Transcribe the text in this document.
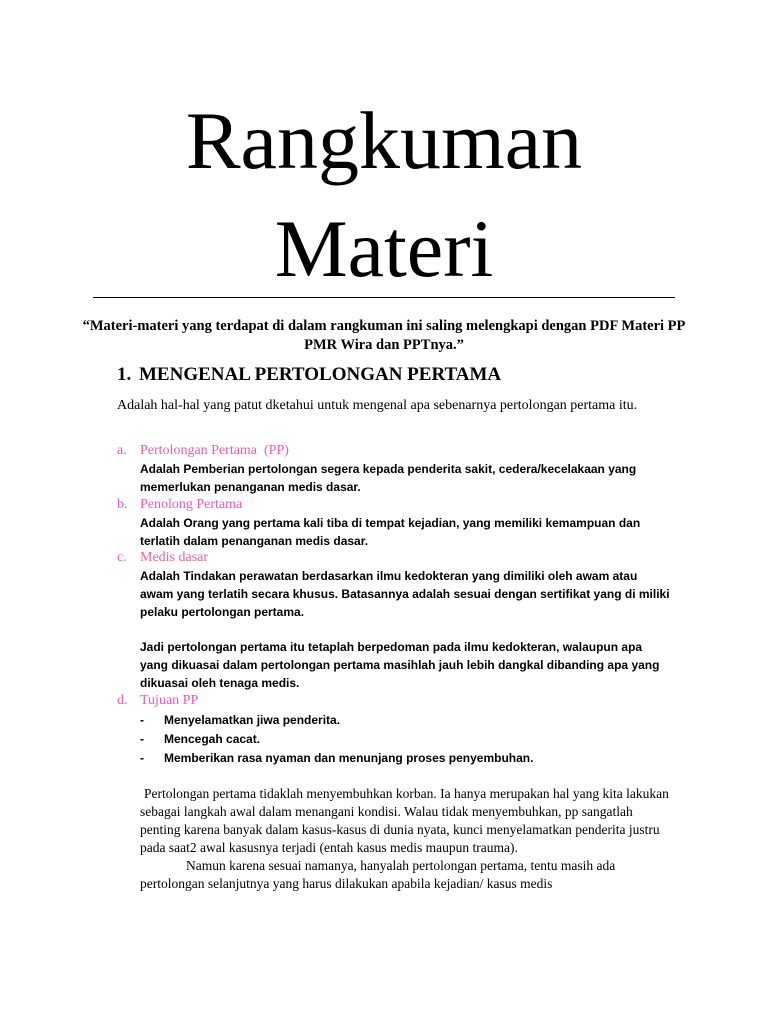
Rangkuman
Materi
“Materi-materi yang terdapat di dalam rangkuman ini saling melengkapi dengan PDF Materi PP PMR Wira dan PPTnya.”
1. MENGENAL PERTOLONGAN PERTAMA
Adalah hal-hal yang patut dketahui untuk mengenal apa sebenarnya pertolongan pertama itu.
a. Pertolongan Pertama  (PP)
Adalah Pemberian pertolongan segera kepada penderita sakit, cedera/kecelakaan yang memerlukan penanganan medis dasar.
b. Penolong Pertama
Adalah Orang yang pertama kali tiba di tempat kejadian, yang memiliki kemampuan dan terlatih dalam penanganan medis dasar.
c. Medis dasar
Adalah Tindakan perawatan berdasarkan ilmu kedokteran yang dimiliki oleh awam atau awam yang terlatih secara khusus. Batasannya adalah sesuai dengan sertifikat yang di miliki pelaku pertolongan pertama.
Jadi pertolongan pertama itu tetaplah berpedoman pada ilmu kedokteran, walaupun apa yang dikuasai dalam pertolongan pertama masihlah jauh lebih dangkal dibanding apa yang dikuasai oleh tenaga medis.
d. Tujuan PP
- Menyelamatkan jiwa penderita.
- Mencegah cacat.
- Memberikan rasa nyaman dan menunjang proses penyembuhan.

Pertolongan pertama tidaklah menyembuhkan korban. Ia hanya merupakan hal yang kita lakukan sebagai langkah awal dalam menangani kondisi. Walau tidak menyembuhkan, pp sangatlah penting karena banyak dalam kasus-kasus di dunia nyata, kunci menyelamatkan penderita justru pada saat2 awal kasusnya terjadi (entah kasus medis maupun trauma).

Namun karena sesuai namanya, hanyalah pertolongan pertama, tentu masih ada pertolongan selanjutnya yang harus dilakukan apabila kejadian/ kasus medis
